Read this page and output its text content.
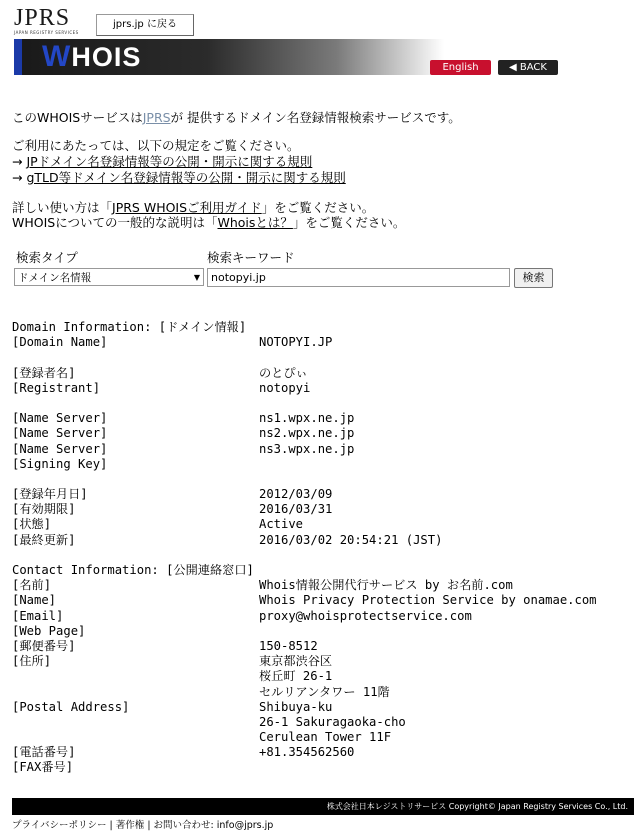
JPRS
JAPAN REGISTRY SERVICES
jprs.jp に戻る
WHOIS	English	◀ BACK
このWHOISサービスはJPRSが 提供するドメイン名登録情報検索サービスです。
ご利用にあたっては、以下の規定をご覧ください。
→ JPドメイン名登録情報等の公開・開示に関する規則
→ gTLD等ドメイン名登録情報等の公開・開示に関する規則
詳しい使い方は「JPRS WHOISご利用ガイド」をご覧ください。
WHOISについての一般的な説明は「Whoisとは？」をご覧ください。
検索タイプ	検索キーワード
ドメイン名情報	▼	notopyi.jp	検索
Domain Information: [ドメイン情報]
[Domain Name]	NOTOPYI.JP
[登録者名]	のとぴぃ
[Registrant]	notopyi
[Name Server]	ns1.wpx.ne.jp
[Name Server]	ns2.wpx.ne.jp
[Name Server]	ns3.wpx.ne.jp
[Signing Key]
[登録年月日]	2012/03/09
[有効期限]	2016/03/31
[状態]	Active
[最終更新]	2016/03/02 20:54:21 (JST)
Contact Information: [公開連絡窓口]
[名前]	Whois情報公開代行サービス by お名前.com
[Name]	Whois Privacy Protection Service by onamae.com
[Email]	proxy@whoisprotectservice.com
[Web Page]
[郵便番号]	150-8512
[住所]	東京都渋谷区
桜丘町 26-1
セルリアンタワー 11階
[Postal Address]	Shibuya-ku
26-1 Sakuragaoka-cho
Cerulean Tower 11F
[電話番号]	+81.354562560
[FAX番号]
株式会社日本レジストリサービス Copyright© Japan Registry Services Co., Ltd.
プライバシーポリシー | 著作権 | お問い合わせ: info@jprs.jp
